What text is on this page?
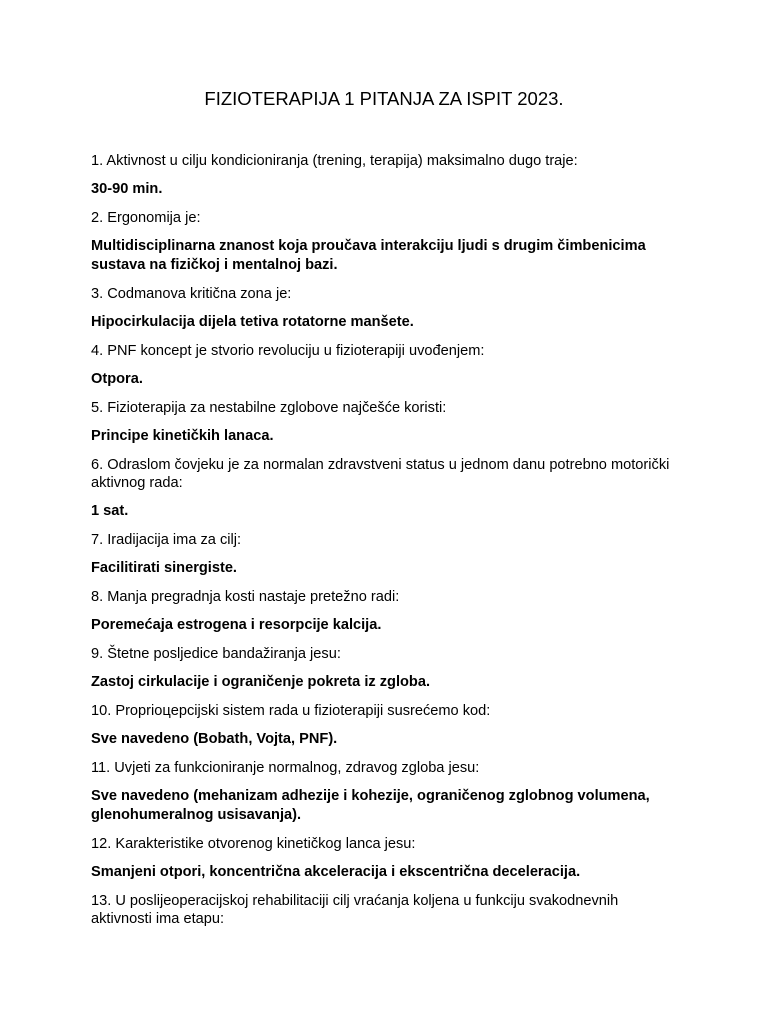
FIZIOTERAPIJA 1 PITANJA ZA ISPIT 2023.

1. Aktivnost u cilju kondicioniranja (trening, terapija) maksimalno dugo traje:

30-90 min.

2. Ergonomija je:

Multidisciplinarna znanost koja proučava interakciju ljudi s drugim čimbenicima sustava na fizičkoj i mentalnoj bazi.

3. Codmanova kritična zona je:

Hipocirkulacija dijela tetiva rotatorne manšete.

4. PNF koncept je stvorio revoluciju u fizioterapiji uvođenjem:

Otpora.

5. Fizioterapija za nestabilne zglobove najčešće koristi:

Principe kinetičkih lanaca.

6. Odraslom čovjeku je za normalan zdravstveni status u jednom danu potrebno motorički aktivnog rada:

1 sat.

7. Iradijacija ima za cilj:

Facilitirati sinergiste.

8. Manja pregradnja kosti nastaje pretežno radi:

Poremećaja estrogena i resorpcije kalcija.

9. Štetne posljedice bandažiranja jesu:

Zastoj cirkulacije i ograničenje pokreta iz zgloba.

10. Proprioцepcijski sistem rada u fizioterapiji susrećemo kod:

Sve navedeno (Bobath, Vojta, PNF).

11. Uvjeti za funkcioniranje normalnog, zdravog zgloba jesu:

Sve navedeno (mehanizam adhezije i kohezije, ograničenog zglobnog volumena, glenohumeralnog usisavanja).

12. Karakteristike otvorenog kinetičkog lanca jesu:

Smanjeni otpori, koncentrična akceleracija i ekscentrična deceleracija.

13. U poslijeoperacijskoj rehabilitaciji cilj vraćanja koljena u funkciju svakodnevnih aktivnosti ima etapu:
